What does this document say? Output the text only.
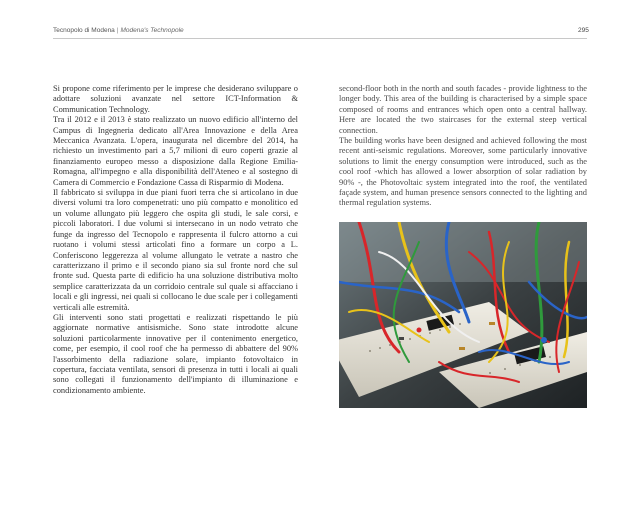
Tecnopolo di Modena | Modena's Technopole	295

Si propone come riferimento per le imprese che desiderano sviluppare o adottare soluzioni avanzate nel settore ICT-Information & Communication Technology.

Tra il 2012 e il 2013 è stato realizzato un nuovo edificio all'interno del Campus di Ingegneria dedicato all'Area Innovazione e della Area Meccanica Avanzata. L'opera, inaugurata nel dicembre del 2014, ha richiesto un investimento pari a 5,7 milioni di euro coperti grazie al finanziamento europeo messo a disposizione dalla Regione Emilia-Romagna, all'impegno e alla disponibilità dell'Ateneo e al sostegno di Camera di Commercio e Fondazione Cassa di Risparmio di Modena.

Il fabbricato si sviluppa in due piani fuori terra che si articolano in due diversi volumi tra loro compenetrati: uno più compatto e monolitico ed un volume allungato più leggero che ospita gli studi, le sale corsi, e piccoli laboratori. I due volumi si intersecano in un nodo vetrato che funge da ingresso del Tecnopolo e rappresenta il fulcro attorno a cui ruotano i volumi stessi articolati fino a formare un corpo a L. Conferiscono leggerezza al volume allungato le vetrate a nastro che caratterizzano il primo e il secondo piano sia sul fronte nord che sul fronte sud. Questa parte di edificio ha una soluzione distributiva molto semplice caratterizzata da un corridoio centrale sul quale si affacciano i locali e gli ingressi, nei quali si collocano le due scale per i collegamenti verticali alle estremità.

Gli interventi sono stati progettati e realizzati rispettando le più aggiornate normative antisismiche. Sono state introdotte alcune soluzioni particolarmente innovative per il contenimento energetico, come, per esempio, il cool roof che ha permesso di abbattere del 90% l'assorbimento della radiazione solare, impianto fotovoltaico in copertura, facciata ventilata, sensori di presenza in tutti i locali ai quali sono collegati il funzionamento dell'impianto di illuminazione e condizionamento ambiente.

second-floor both in the north and south facades - provide lightness to the longer body. This area of the building is characterised by a simple space composed of rooms and entrances which open onto a central hallway. Here are located the two staircases for the external steep vertical connection.

The building works have been designed and achieved following the most recent anti-seismic regulations. Moreover, some particularly innovative solutions to limit the energy consumption were introduced, such as the cool roof -which has allowed a lower absorption of solar radiation by 90% -, the Photovoltaic system integrated into the roof, the ventilated façade system, and human presence sensors connected to the lighting and thermal regulation systems.
